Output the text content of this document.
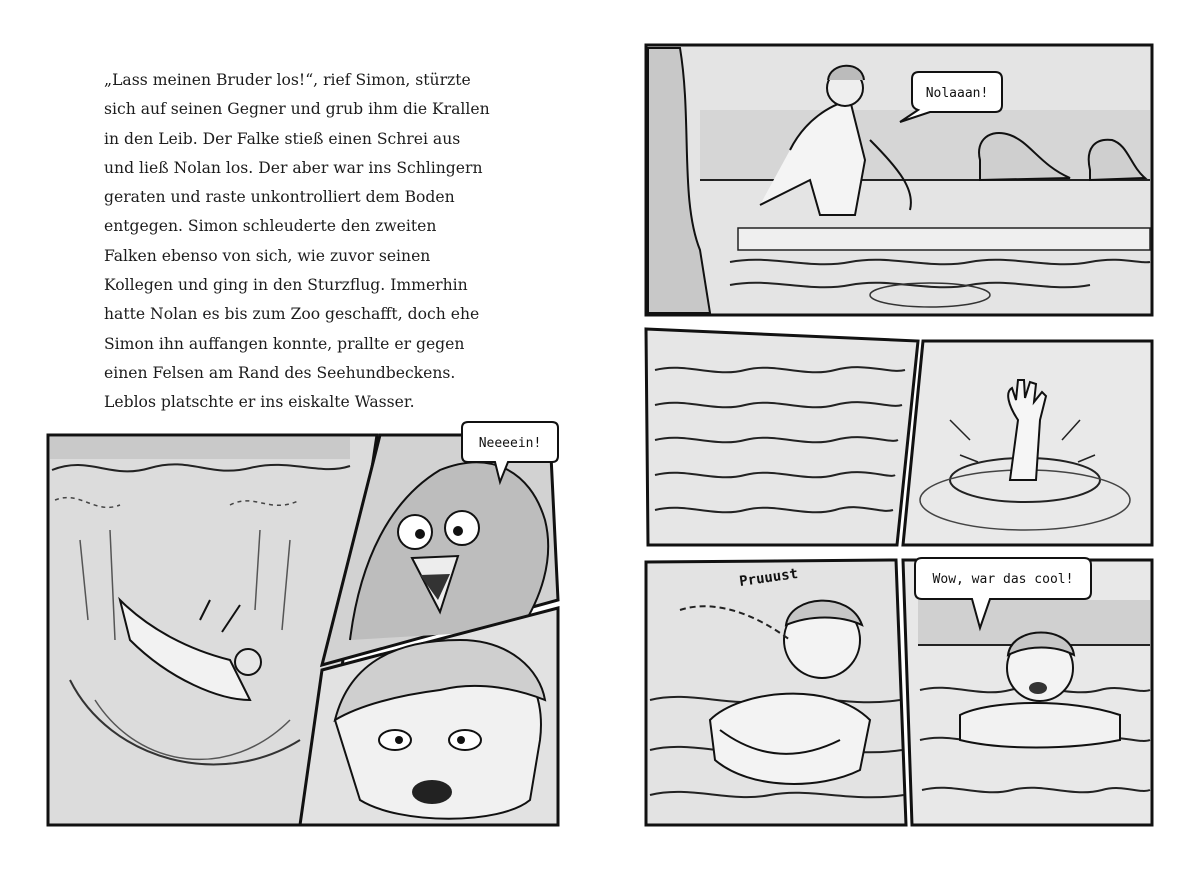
„Lass meinen Bruder los!“, rief Simon, stürzte
sich auf seinen Gegner und grub ihm die Krallen
in den Leib. Der Falke stieß einen Schrei aus
und ließ Nolan los. Der aber war ins Schlingern
geraten und raste unkontrolliert dem Boden
entgegen. Simon schleuderte den zweiten
Falken ebenso von sich, wie zuvor seinen
Kollegen und ging in den Sturzflug. Immerhin
hatte Nolan es bis zum Zoo geschafft, doch ehe
Simon ihn auffangen konnte, prallte er gegen
einen Felsen am Rand des Seehundbeckens.
Leblos platschte er ins eiskalte Wasser.
Neeeein!
Nolaaan!
Pruuust	Wow, war das cool!
